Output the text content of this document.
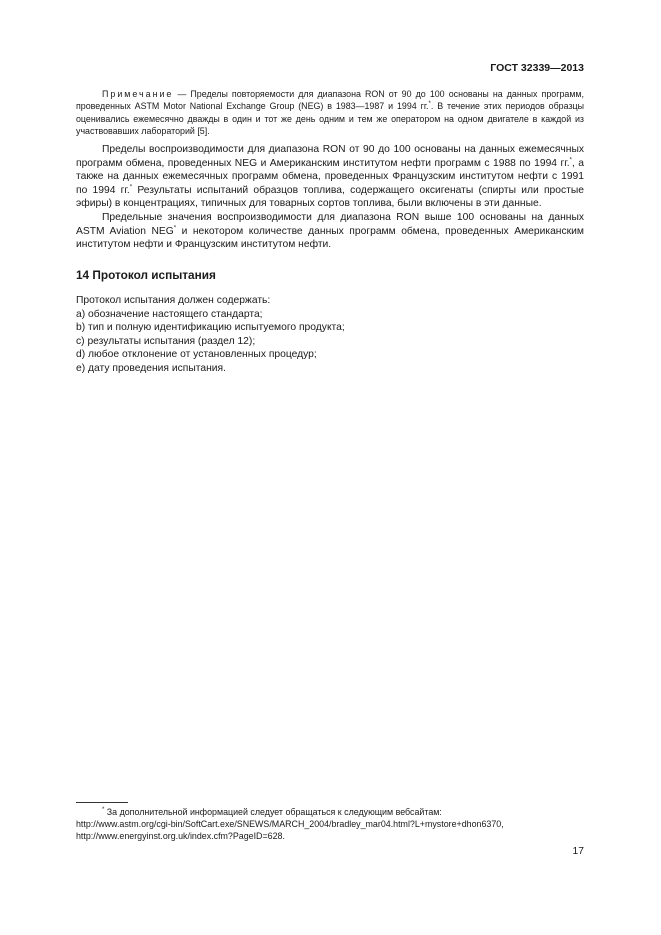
ГОСТ 32339—2013
Примечание — Пределы повторяемости для диапазона RON от 90 до 100 основаны на данных программ, проведенных ASTM Motor National Exchange Group (NEG) в 1983—1987 и 1994 гг.*. В течение этих периодов образцы оценивались ежемесячно дважды в один и тот же день одним и тем же оператором на одном двигателе в каждой из участвовавших лабораторий [5].

Пределы воспроизводимости для диапазона RON от 90 до 100 основаны на данных ежемесячных программ обмена, проведенных NEG и Американским институтом нефти программ с 1988 по 1994 гг.*, а также на данных ежемесячных программ обмена, проведенных Французским институтом нефти с 1991 по 1994 гг.* Результаты испытаний образцов топлива, содержащего оксигенаты (спирты или простые эфиры) в концентрациях, типичных для товарных сортов топлива, были включены в эти данные.

Предельные значения воспроизводимости для диапазона RON выше 100 основаны на данных ASTM Aviation NEG* и некотором количестве данных программ обмена, проведенных Американским институтом нефти и Французским институтом нефти.

14 Протокол испытания
Протокол испытания должен содержать:
a) обозначение настоящего стандарта;
b) тип и полную идентификацию испытуемого продукта;
c) результаты испытания (раздел 12);
d) любое отклонение от установленных процедур;
e) дату проведения испытания.
* За дополнительной информацией следует обращаться к следующим вебсайтам:
http://www.astm.org/cgi-bin/SoftCart.exe/SNEWS/MARCH_2004/bradley_mar04.html?L+mystore+dhon6370,
http://www.energyinst.org.uk/index.cfm?PageID=628.
17
